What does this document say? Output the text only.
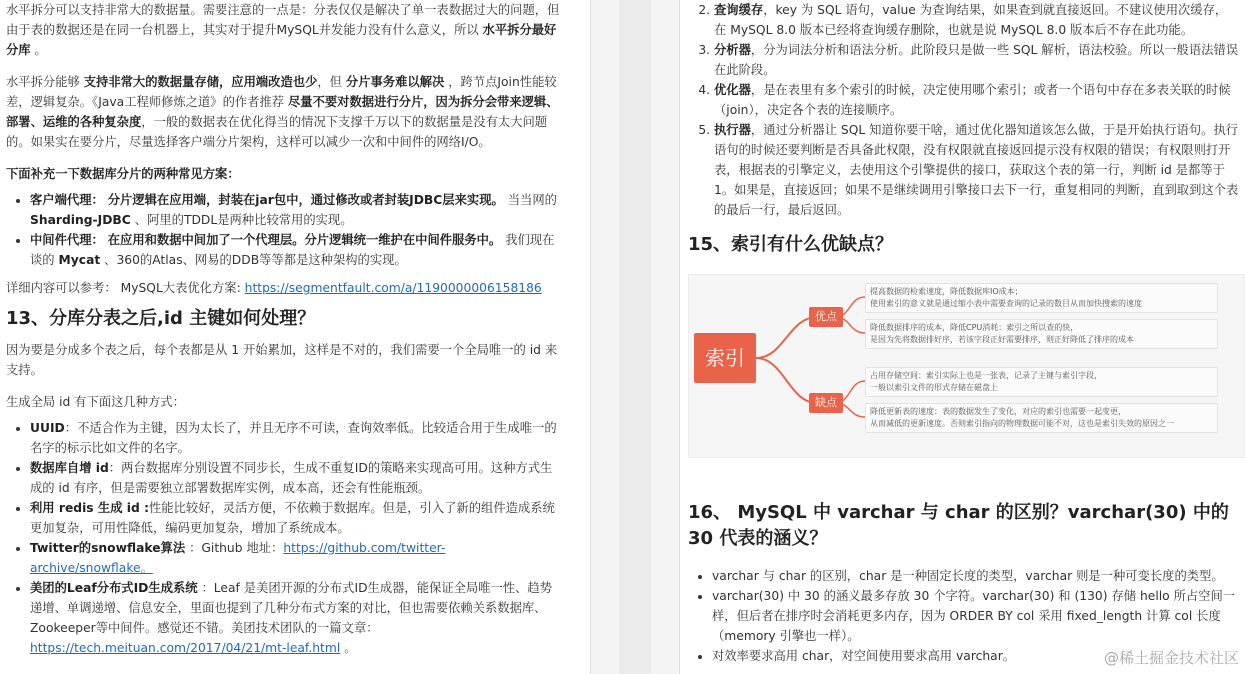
水平拆分可以支持非常大的数据量。需要注意的一点是：分表仅仅是解决了单一表数据过大的问题，但由于表的数据还是在同一台机器上，其实对于提升MySQL并发能力没有什么意义，所以 水平拆分最好分库 。

水平拆分能够 支持非常大的数据量存储，应用端改造也少，但 分片事务难以解决 ，跨节点Join性能较差，逻辑复杂。《Java工程师修炼之道》的作者推荐 尽量不要对数据进行分片，因为拆分会带来逻辑、部署、运维的各种复杂度，一般的数据表在优化得当的情况下支撑千万以下的数据量是没有太大问题的。如果实在要分片，尽量选择客户端分片架构，这样可以减少一次和中间件的网络I/O。

下面补充一下数据库分片的两种常见方案：

• 客户端代理： 分片逻辑在应用端，封装在jar包中，通过修改或者封装JDBC层来实现。 当当网的 Sharding-JDBC 、阿里的TDDL是两种比较常用的实现。
• 中间件代理： 在应用和数据中间加了一个代理层。分片逻辑统一维护在中间件服务中。 我们现在谈的 Mycat 、360的Atlas、网易的DDB等等都是这种架构的实现。

详细内容可以参考： MySQL大表优化方案: https://segmentfault.com/a/1190000006158186

13、分库分表之后,id 主键如何处理？

因为要是分成多个表之后，每个表都是从 1 开始累加，这样是不对的，我们需要一个全局唯一的 id 来支持。

生成全局 id 有下面这几种方式：

• UUID：不适合作为主键，因为太长了，并且无序不可读，查询效率低。比较适合用于生成唯一的名字的标示比如文件的名字。
• 数据库自增 id：两台数据库分别设置不同步长，生成不重复ID的策略来实现高可用。这种方式生成的 id 有序，但是需要独立部署数据库实例，成本高，还会有性能瓶颈。
• 利用 redis 生成 id :性能比较好，灵活方便，不依赖于数据库。但是，引入了新的组件造成系统更加复杂，可用性降低，编码更加复杂，增加了系统成本。
• Twitter的snowflake算法 ：Github 地址：https://github.com/twitter-archive/snowflake。
• 美团的Leaf分布式ID生成系统 ：Leaf 是美团开源的分布式ID生成器，能保证全局唯一性、趋势递增、单调递增、信息安全，里面也提到了几种分布式方案的对比，但也需要依赖关系数据库、Zookeeper等中间件。感觉还不错。美团技术团队的一篇文章：https://tech.meituan.com/2017/04/21/mt-leaf.html 。
2. 查询缓存，key 为 SQL 语句，value 为查询结果，如果查到就直接返回。不建议使用次缓存，在 MySQL 8.0 版本已经将查询缓存删除，也就是说 MySQL 8.0 版本后不存在此功能。
3. 分析器，分为词法分析和语法分析。此阶段只是做一些 SQL 解析，语法校验。所以一般语法错误在此阶段。
4. 优化器，是在表里有多个索引的时候，决定使用哪个索引；或者一个语句中存在多表关联的时候（join），决定各个表的连接顺序。
5. 执行器，通过分析器让 SQL 知道你要干啥，通过优化器知道该怎么做，于是开始执行语句。执行语句的时候还要判断是否具备此权限，没有权限就直接返回提示没有权限的错误；有权限则打开表，根据表的引擎定义，去使用这个引擎提供的接口，获取这个表的第一行，判断 id 是都等于 1。如果是，直接返回；如果不是继续调用引擎接口去下一行，重复相同的判断，直到取到这个表的最后一行，最后返回。
15、索引有什么优缺点？
索引
优点
缺点
提高数据的检索速度，降低数据库IO成本；
使用索引的意义就是通过缩小表中需要查询的记录的数目从而加快搜索的速度
降低数据排序的成本，降低CPU消耗：索引之所以查的快，
是因为先将数据排好序，若该字段正好需要排序，则正好降低了排序的成本
占用存储空间：索引实际上也是一张表，记录了主键与索引字段，
一般以索引文件的形式存储在磁盘上
降低更新表的速度：表的数据发生了变化，对应的索引也需要一起变更，
从而减低的更新速度。否则索引指向的物理数据可能不对，这也是索引失效的原因之一
16、 MySQL 中 varchar 与 char 的区别？varchar(30) 中的 30 代表的涵义？
• varchar 与 char 的区别，char 是一种固定长度的类型，varchar 则是一种可变长度的类型。
• varchar(30) 中 30 的涵义最多存放 30 个字符。varchar(30) 和 (130) 存储 hello 所占空间一样，但后者在排序时会消耗更多内存，因为 ORDER BY col 采用 fixed_length 计算 col 长度（memory 引擎也一样）。
• 对效率要求高用 char，对空间使用要求高用 varchar。	@稀土掘金技术社区
